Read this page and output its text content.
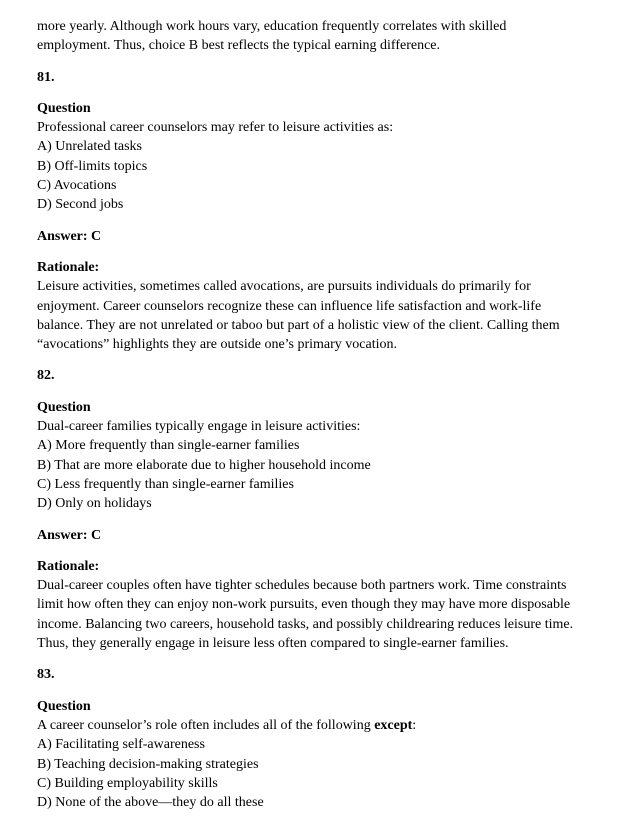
more yearly. Although work hours vary, education frequently correlates with skilled
employment. Thus, choice B best reflects the typical earning difference.
81.
Question
Professional career counselors may refer to leisure activities as:
A) Unrelated tasks
B) Off-limits topics
C) Avocations
D) Second jobs
Answer: C
Rationale:
Leisure activities, sometimes called avocations, are pursuits individuals do primarily for
enjoyment. Career counselors recognize these can influence life satisfaction and work-life
balance. They are not unrelated or taboo but part of a holistic view of the client. Calling them
“avocations” highlights they are outside one’s primary vocation.
82.
Question
Dual-career families typically engage in leisure activities:
A) More frequently than single-earner families
B) That are more elaborate due to higher household income
C) Less frequently than single-earner families
D) Only on holidays
Answer: C
Rationale:
Dual-career couples often have tighter schedules because both partners work. Time constraints
limit how often they can enjoy non-work pursuits, even though they may have more disposable
income. Balancing two careers, household tasks, and possibly childrearing reduces leisure time.
Thus, they generally engage in leisure less often compared to single-earner families.
83.
Question
A career counselor’s role often includes all of the following except:
A) Facilitating self-awareness
B) Teaching decision-making strategies
C) Building employability skills
D) None of the above—they do all these
